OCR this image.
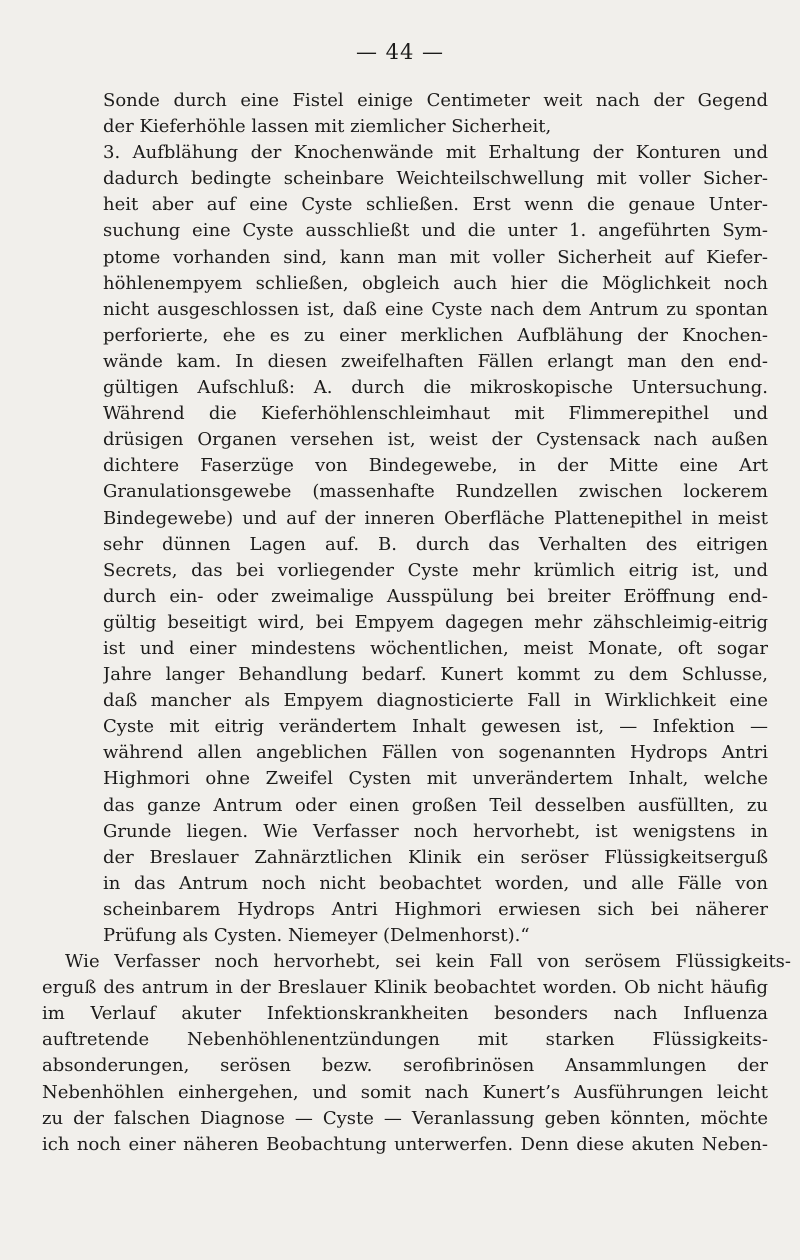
— 44 —
Sonde durch eine Fistel einige Centimeter weit nach der Gegend
der Kieferhöhle lassen mit ziemlicher Sicherheit,
3. Aufblähung der Knochenwände mit Erhaltung der Konturen und
dadurch bedingte scheinbare Weichteilschwellung mit voller Sicher-
heit aber auf eine Cyste schließen. Erst wenn die genaue Unter-
suchung eine Cyste ausschließt und die unter 1. angeführten Sym-
ptome vorhanden sind, kann man mit voller Sicherheit auf Kiefer-
höhlenempyem schließen, obgleich auch hier die Möglichkeit noch
nicht ausgeschlossen ist, daß eine Cyste nach dem Antrum zu spontan
perforierte, ehe es zu einer merklichen Aufblähung der Knochen-
wände kam. In diesen zweifelhaften Fällen erlangt man den end-
gültigen Aufschluß: A. durch die mikroskopische Untersuchung.
Während die Kieferhöhlenschleimhaut mit Flimmerepithel und
drüsigen Organen versehen ist, weist der Cystensack nach außen
dichtere Faserzüge von Bindegewebe, in der Mitte eine Art
Granulationsgewebe (massenhafte Rundzellen zwischen lockerem
Bindegewebe) und auf der inneren Oberfläche Plattenepithel in meist
sehr dünnen Lagen auf. B. durch das Verhalten des eitrigen
Secrets, das bei vorliegender Cyste mehr krümlich eitrig ist, und
durch ein- oder zweimalige Ausspülung bei breiter Eröffnung end-
gültig beseitigt wird, bei Empyem dagegen mehr zähschleimig-eitrig
ist und einer mindestens wöchentlichen, meist Monate, oft sogar
Jahre langer Behandlung bedarf. Kunert kommt zu dem Schlusse,
daß mancher als Empyem diagnosticierte Fall in Wirklichkeit eine
Cyste mit eitrig verändertem Inhalt gewesen ist, — Infektion —
während allen angeblichen Fällen von sogenannten Hydrops Antri
Highmori ohne Zweifel Cysten mit unverändertem Inhalt, welche
das ganze Antrum oder einen großen Teil desselben ausfüllten, zu
Grunde liegen. Wie Verfasser noch hervorhebt, ist wenigstens in
der Breslauer Zahnärztlichen Klinik ein seröser Flüssigkeitserguß
in das Antrum noch nicht beobachtet worden, und alle Fälle von
scheinbarem Hydrops Antri Highmori erwiesen sich bei näherer
Prüfung als Cysten. Niemeyer (Delmenhorst).“
Wie Verfasser noch hervorhebt, sei kein Fall von serösem Flüssigkeits-
erguß des antrum in der Breslauer Klinik beobachtet worden. Ob nicht häufig
im Verlauf akuter Infektionskrankheiten besonders nach Influenza
auftretende Nebenhöhlenentzündungen mit starken Flüssigkeits-
absonderungen, serösen bezw. serofibrinösen Ansammlungen der
Nebenhöhlen einhergehen, und somit nach Kunert’s Ausführungen leicht
zu der falschen Diagnose — Cyste — Veranlassung geben könnten, möchte
ich noch einer näheren Beobachtung unterwerfen. Denn diese akuten Neben-
